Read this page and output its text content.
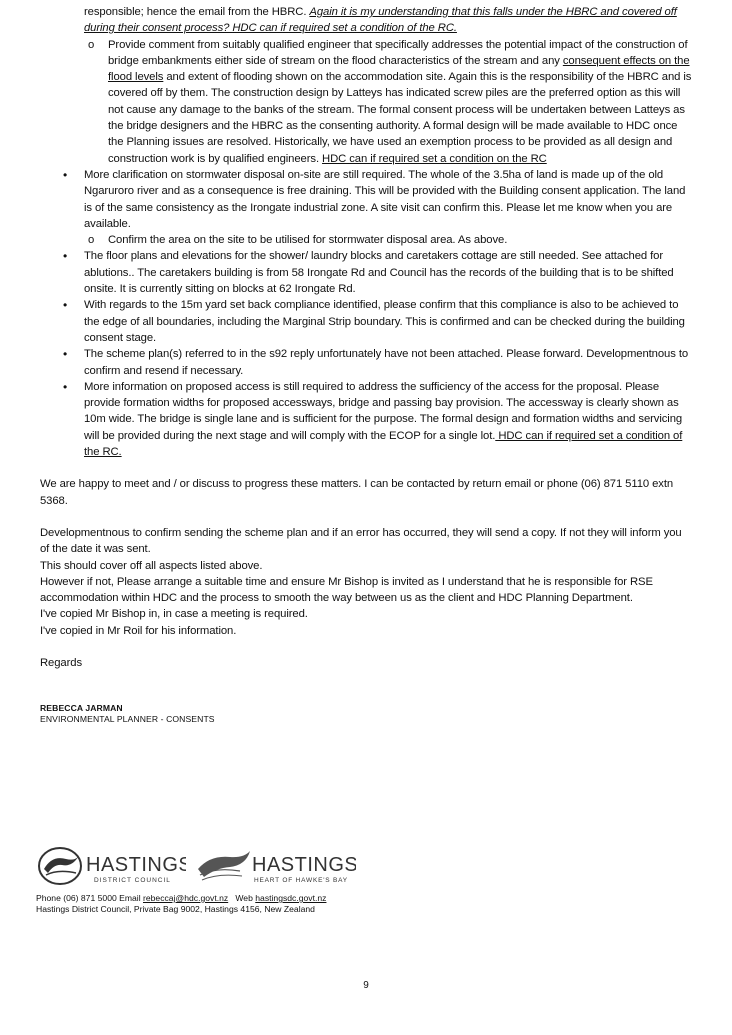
responsible; hence the email from the HBRC. Again it is my understanding that this falls under the HBRC and covered off during their consent process? HDC can if required set a condition of the RC.

o Provide comment from suitably qualified engineer that specifically addresses the potential impact of the construction of bridge embankments either side of stream on the flood characteristics of the stream and any consequent effects on the flood levels and extent of flooding shown on the accommodation site. Again this is the responsibility of the HBRC and is covered off by them. The construction design by Latteys has indicated screw piles are the preferred option as this will not cause any damage to the banks of the stream. The formal consent process will be undertaken between Latteys as the bridge designers and the HBRC as the consenting authority. A formal design will be made available to HDC once the Planning issues are resolved. Historically, we have used an exemption process to be provided as all design and construction work is by qualified engineers. HDC can if required set a condition on the RC
• More clarification on stormwater disposal on-site are still required. The whole of the 3.5ha of land is made up of the old Ngaruroro river and as a consequence is free draining. This will be provided with the Building consent application. The land is of the same consistency as the Irongate industrial zone. A site visit can confirm this. Please let me know when you are available.
o Confirm the area on the site to be utilised for stormwater disposal area. As above.
• The floor plans and elevations for the shower/ laundry blocks and caretakers cottage are still needed. See attached for ablutions.. The caretakers building is from 58 Irongate Rd and Council has the records of the building that is to be shifted onsite. It is currently sitting on blocks at 62 Irongate Rd.
• With regards to the 15m yard set back compliance identified, please confirm that this compliance is also to be achieved to the edge of all boundaries, including the Marginal Strip boundary. This is confirmed and can be checked during the building consent stage.
• The scheme plan(s) referred to in the s92 reply unfortunately have not been attached. Please forward. Developmentnous to confirm and resend if necessary.
• More information on proposed access is still required to address the sufficiency of the access for the proposal. Please provide formation widths for proposed accessways, bridge and passing bay provision. The accessway is clearly shown as 10m wide. The bridge is single lane and is sufficient for the purpose. The formal design and formation widths and servicing will be provided during the next stage and will comply with the ECOP for a single lot. HDC can if required set a condition of the RC.

We are happy to meet and / or discuss to progress these matters. I can be contacted by return email or phone (06) 871 5110 extn 5368.

Developmentnous to confirm sending the scheme plan and if an error has occurred, they will send a copy. If not they will inform you of the date it was sent.

This should cover off all aspects listed above.

However if not, Please arrange a suitable time and ensure Mr Bishop is invited as I understand that he is responsible for RSE accommodation within HDC and the process to smooth the way between us as the client and HDC Planning Department.

I've copied Mr Bishop in, in case a meeting is required.

I've copied in Mr Roil for his information.

Regards

REBECCA JARMAN
ENVIRONMENTAL PLANNER - CONSENTS
HASTINGS
DISTRICT COUNCIL
HASTINGS
HEART OF HAWKE'S BAY
Phone (06) 871 5000 Email rebeccaj@hdc.govt.nz   Web hastingsdc.govt.nz
Hastings District Council, Private Bag 9002, Hastings 4156, New Zealand
9
